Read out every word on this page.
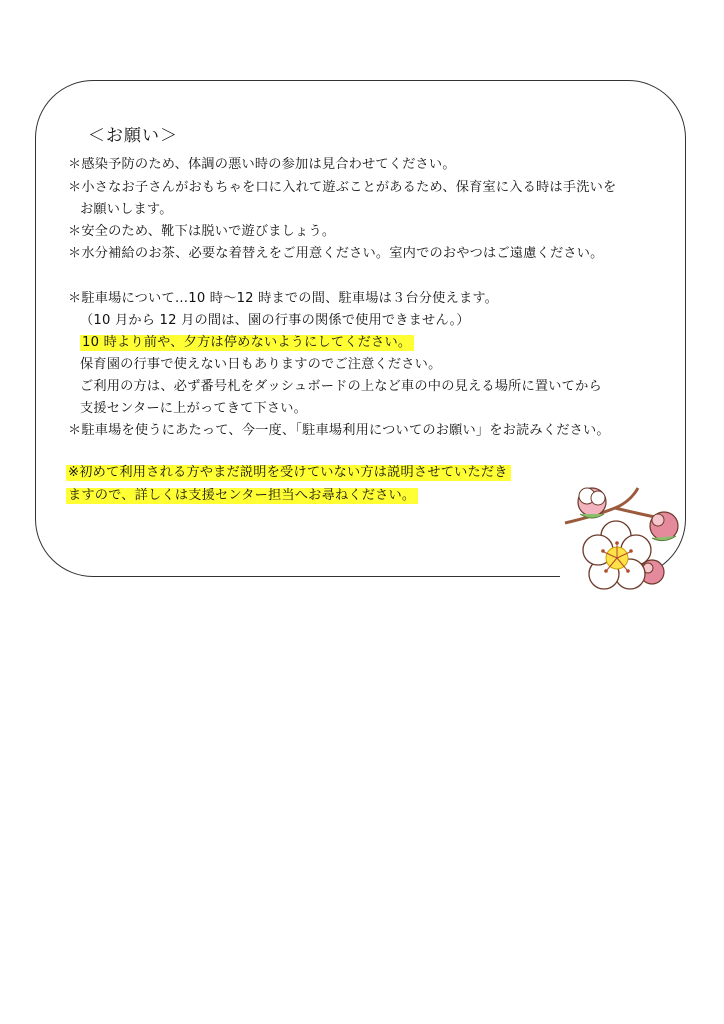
＜お願い＞
＊感染予防のため、体調の悪い時の参加は見合わせてください。
＊小さなお子さんがおもちゃを口に入れて遊ぶことがあるため、保育室に入る時は手洗いを
お願いします。
＊安全のため、靴下は脱いで遊びましょう。
＊水分補給のお茶、必要な着替えをご用意ください。室内でのおやつはご遠慮ください。
＊駐車場について…10 時～12 時までの間、駐車場は３台分使えます。
（10 月から 12 月の間は、園の行事の関係で使用できません。）
10 時より前や、夕方は停めないようにしてください。
保育園の行事で使えない日もありますのでご注意ください。
ご利用の方は、必ず番号札をダッシュボードの上など車の中の見える場所に置いてから
支援センターに上がってきて下さい。
＊駐車場を使うにあたって、今一度、「駐車場利用についてのお願い」をお読みください。
※初めて利用される方やまだ説明を受けていない方は説明させていただき
ますので、詳しくは支援センター担当へお尋ねください。
